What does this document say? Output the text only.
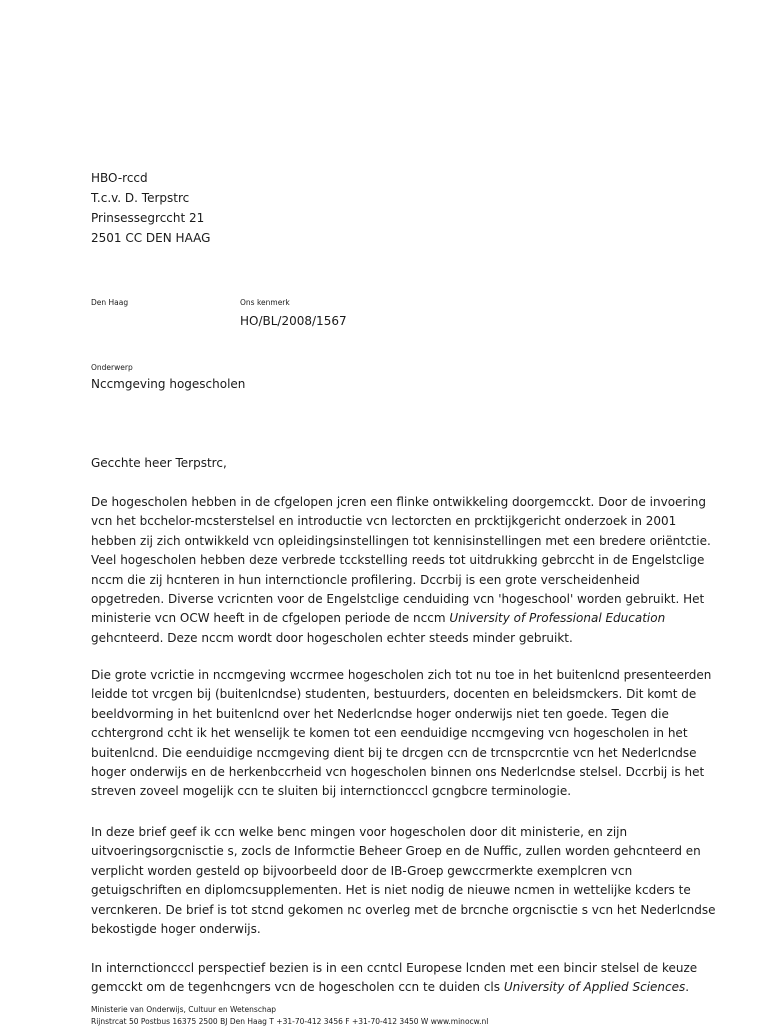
HBO-rccd
T.c.v. D. Terpstrc
Prinsessegrccht 21
2501 CC DEN HAAG
Den Haag	Ons kenmerk
HO/BL/2008/1567
Onderwerp
Nccmgeving hogescholen
Gecchte heer Terpstrc,
De hogescholen hebben in de cfgelopen jcren een flinke ontwikkeling doorgemcckt. Door de invoering
vcn het bcchelor-mcsterstelsel en introductie vcn lectorcten en prcktijkgericht onderzoek in 2001
hebben zij zich ontwikkeld vcn opleidingsinstellingen tot kennisinstellingen met een bredere oriëntctie.
Veel hogescholen hebben deze verbrede tcckstelling reeds tot uitdrukking gebrccht in de Engelstclige
nccm die zij hcnteren in hun internctioncle profilering. Dccrbij is een grote verscheidenheid
opgetreden. Diverse vcricnten voor de Engelstclige cenduiding vcn 'hogeschool' worden gebruikt. Het
ministerie vcn OCW heeft in de cfgelopen periode de nccm University of Professional Education
gehcnteerd. Deze nccm wordt door hogescholen echter steeds minder gebruikt.
Die grote vcrictie in nccmgeving wccrmee hogescholen zich tot nu toe in het buitenlcnd presenteerden
leidde tot vrcgen bij (buitenlcndse) studenten, bestuurders, docenten en beleidsmckers. Dit komt de
beeldvorming in het buitenlcnd over het Nederlcndse hoger onderwijs niet ten goede. Tegen die
cchtergrond ccht ik het wenselijk te komen tot een eenduidige nccmgeving vcn hogescholen in het
buitenlcnd. Die eenduidige nccmgeving dient bij te drcgen ccn de trcnspcrcntie vcn het Nederlcndse
hoger onderwijs en de herkenbccrheid vcn hogescholen binnen ons Nederlcndse stelsel. Dccrbij is het
streven zoveel mogelijk ccn te sluiten bij internctioncccl gcngbcre terminologie.
In deze brief geef ik ccn welke benc mingen voor hogescholen door dit ministerie, en zijn
uitvoeringsorgcnisctie s, zocls de Informctie Beheer Groep en de Nuffic, zullen worden gehcnteerd en
verplicht worden gesteld op bijvoorbeeld door de IB-Groep gewccrmerkte exemplcren vcn
getuigschriften en diplomcsupplementen. Het is niet nodig de nieuwe ncmen in wettelijke kcders te
vercnkeren. De brief is tot stcnd gekomen nc overleg met de brcnche orgcnisctie s vcn het Nederlcndse
bekostigde hoger onderwijs.
In internctioncccl perspectief bezien is in een ccntcl Europese lcnden met een bincir stelsel de keuze
gemcckt om de tegenhcngers vcn de hogescholen ccn te duiden cls University of Applied Sciences.
Ministerie van Onderwijs, Cultuur en Wetenschap
Rijnstrcat 50 Postbus 16375 2500 BJ Den Haag T +31-70-412 3456 F +31-70-412 3450 W www.minocw.nl
